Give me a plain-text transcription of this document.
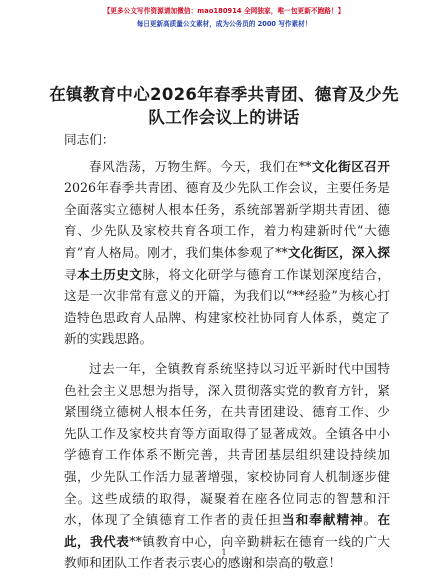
【更多公文写作资源请加微信：mao180914 全网独家，唯一包更新不跑路！】
每日更新高质量公文素材，成为公务员的 2000 写作素材！
在镇教育中心2026年春季共青团、德育及少先队工作会议上的讲话

同志们：

春风浩荡，万物生辉。今天，我们在**文化街区召开2026年春季共青团、德育及少先队工作会议，主要任务是全面落实立德树人根本任务，系统部署新学期共青团、德育、少先队及家校共育各项工作，着力构建新时代“大德育”育人格局。刚才，我们集体参观了**文化街区，深入探寻本土历史文脉，将文化研学与德育工作谋划深度结合，这是一次非常有意义的开篇，为我们以“**经验”为核心打造特色思政育人品牌、构建家校社协同育人体系，奠定了新的实践思路。

过去一年，全镇教育系统坚持以习近平新时代中国特色社会主义思想为指导，深入贯彻落实党的教育方针，紧紧围绕立德树人根本任务，在共青团建设、德育工作、少先队工作及家校共育等方面取得了显著成效。全镇各中小学德育工作体系不断完善，共青团基层组织建设持续加强，少先队工作活力显著增强，家校协同育人机制逐步健全。这些成绩的取得，凝聚着在座各位同志的智慧和汗水，体现了全镇德育工作者的责任担当和奉献精神。在此，我代表**镇教育中心，向辛勤耕耘在德育一线的广大教师和团队工作者表示衷心的感谢和崇高的敬意！

1
